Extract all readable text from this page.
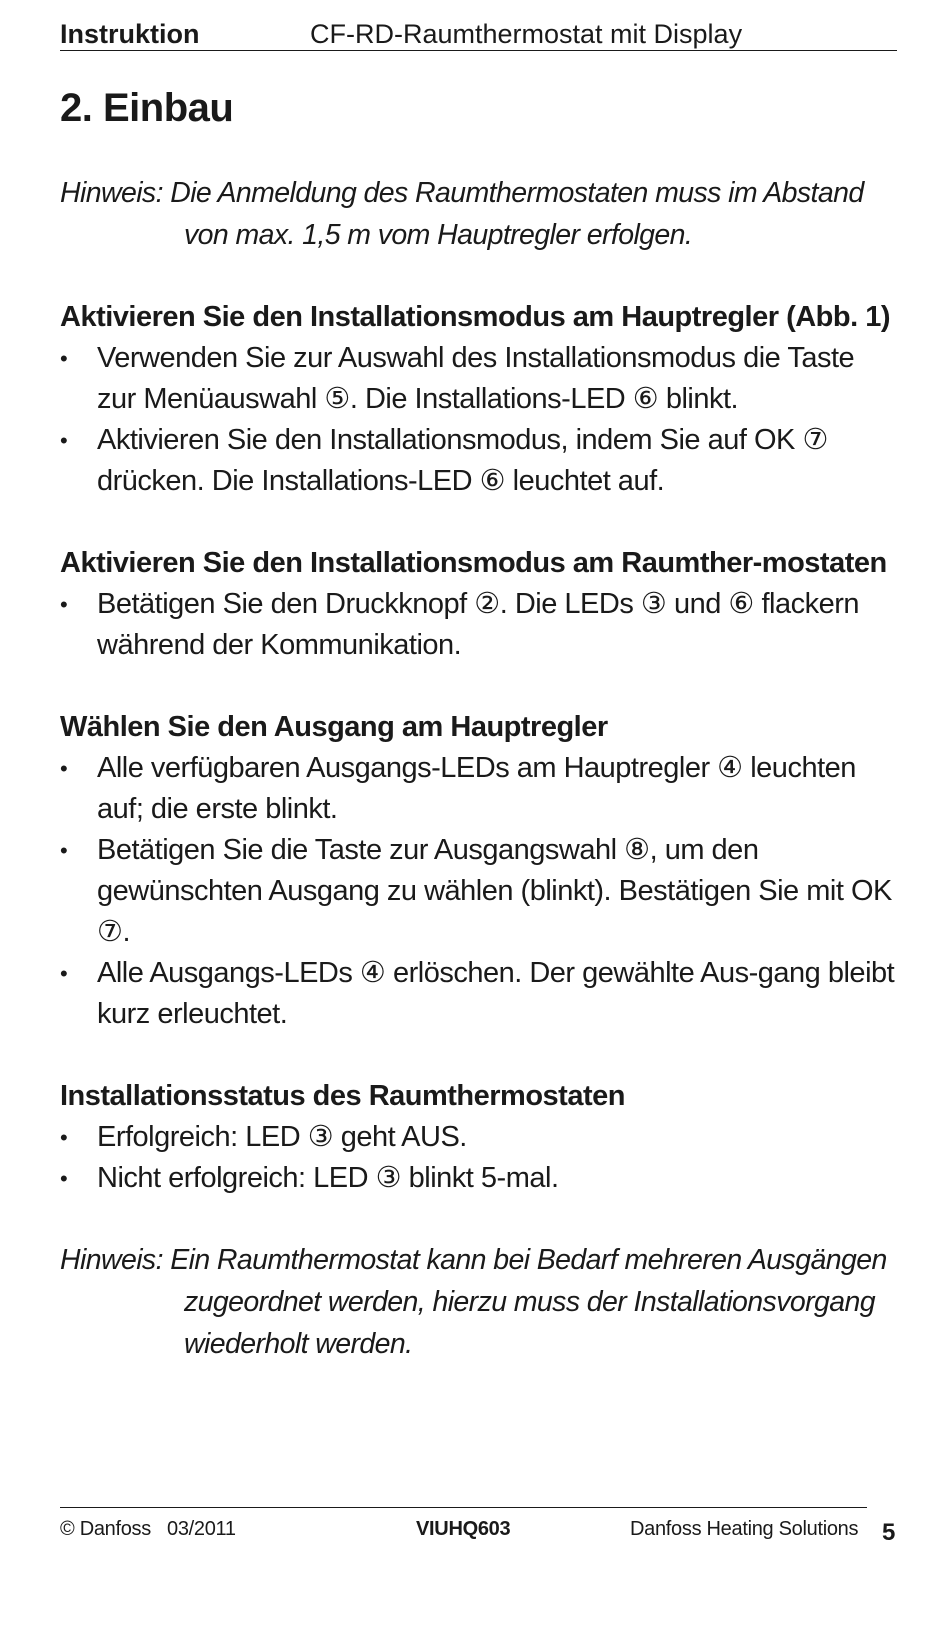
Instruktion	CF-RD-Raumthermostat mit Display
2. Einbau

Hinweis: Die Anmeldung des Raumthermostaten muss im Abstand von max. 1,5 m vom Hauptregler erfolgen.

Aktivieren Sie den Installationsmodus am Hauptregler (Abb. 1)
• Verwenden Sie zur Auswahl des Installationsmodus die Taste zur Menüauswahl ⑤. Die Installations-LED ⑥ blinkt.
• Aktivieren Sie den Installationsmodus, indem Sie auf OK ⑦ drücken. Die Installations-LED ⑥ leuchtet auf.
Aktivieren Sie den Installationsmodus am Raumther-mostaten
• Betätigen Sie den Druckknopf ②. Die LEDs ③ und ⑥ flackern während der Kommunikation.
Wählen Sie den Ausgang am Hauptregler
• Alle verfügbaren Ausgangs-LEDs am Hauptregler ④ leuchten auf; die erste blinkt.
• Betätigen Sie die Taste zur Ausgangswahl ⑧, um den gewünschten Ausgang zu wählen (blinkt). Bestätigen Sie mit OK ⑦.
• Alle Ausgangs-LEDs ④ erlöschen. Der gewählte Aus-gang bleibt kurz erleuchtet.
Installationsstatus des Raumthermostaten
• Erfolgreich: LED ③ geht AUS.
• Nicht erfolgreich: LED ③ blinkt 5-mal.

Hinweis: Ein Raumthermostat kann bei Bedarf mehreren Ausgängen zugeordnet werden, hierzu muss der Installationsvorgang wiederholt werden.

© Danfoss 03/2011	VIUHQ603	Danfoss Heating Solutions 5
